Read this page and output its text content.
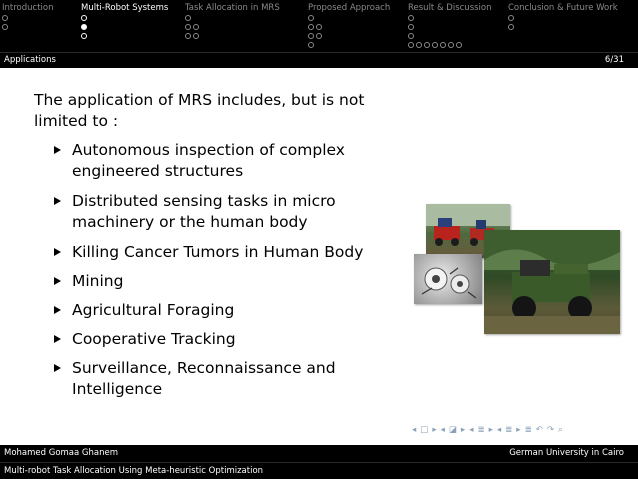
Introduction	Multi-Robot Systems Task Allocation in MRS	Proposed Approach Result & Discussion Conclusion & Future Work
Applications	6/31

The application of MRS includes, but is not limited to :

Autonomous inspection of complex engineered structures
Distributed sensing tasks in micro machinery or the human body
Killing Cancer Tumors in Human Body
Mining
Agricultural Foraging
Cooperative Tracking
Surveillance, Reconnaissance and Intelligence
◂ □ ▸ ◂ ◪ ▸ ◂ ≣ ▸ ◂ ≣ ▸ ≣ ↶ ↷ ⌕
Mohamed Gomaa Ghanem	German University in Cairo
Multi-robot Task Allocation Using Meta-heuristic Optimization
